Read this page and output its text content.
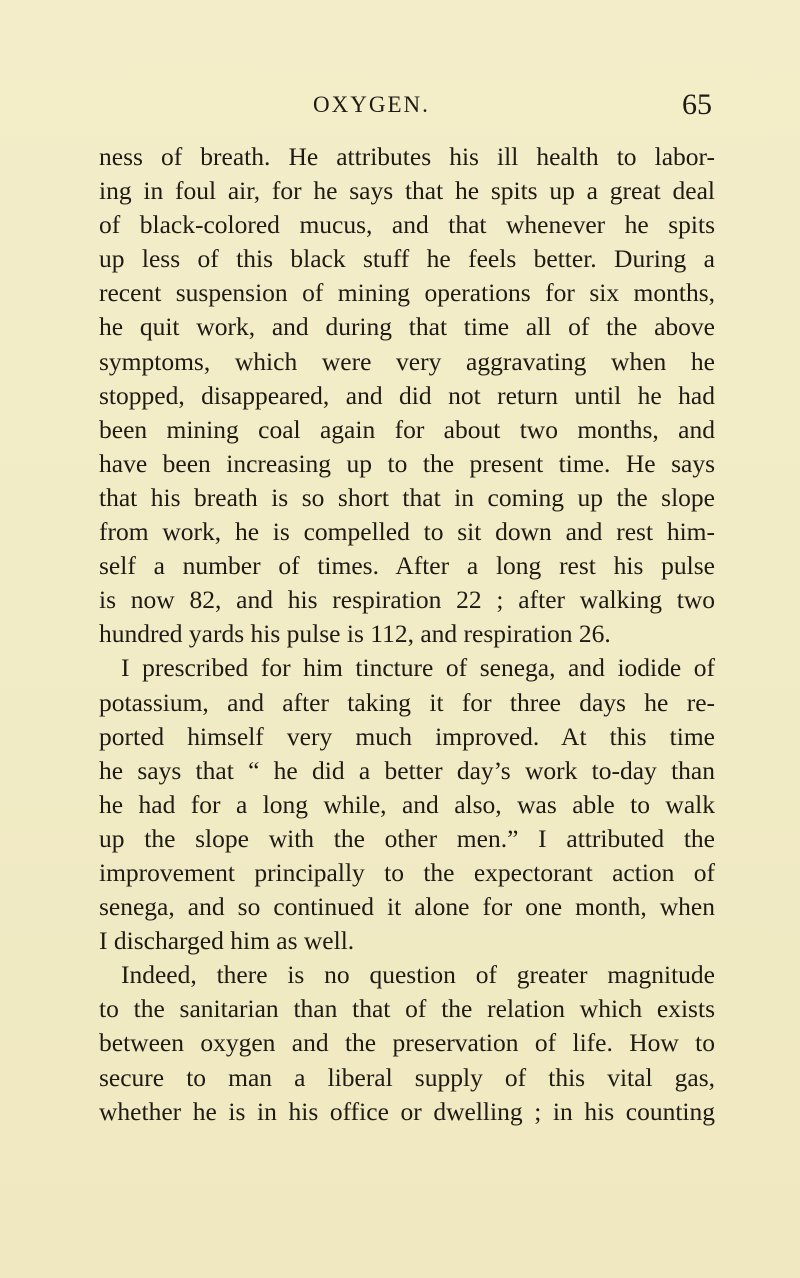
OXYGEN.	65
ness of breath. He attributes his ill health to labor-
ing in foul air, for he says that he spits up a great deal
of black-colored mucus, and that whenever he spits
up less of this black stuff he feels better. During a
recent suspension of mining operations for six months,
he quit work, and during that time all of the above
symptoms, which were very aggravating when he
stopped, disappeared, and did not return until he had
been mining coal again for about two months, and
have been increasing up to the present time. He says
that his breath is so short that in coming up the slope
from work, he is compelled to sit down and rest him-
self a number of times. After a long rest his pulse
is now 82, and his respiration 22 ; after walking two
hundred yards his pulse is 112, and respiration 26.
I prescribed for him tincture of senega, and iodide of
potassium, and after taking it for three days he re-
ported himself very much improved. At this time
he says that “ he did a better day’s work to-day than
he had for a long while, and also, was able to walk
up the slope with the other men.” I attributed the
improvement principally to the expectorant action of
senega, and so continued it alone for one month, when
I discharged him as well.
Indeed, there is no question of greater magnitude
to the sanitarian than that of the relation which exists
between oxygen and the preservation of life. How to
secure to man a liberal supply of this vital gas,
whether he is in his office or dwelling ; in his counting
